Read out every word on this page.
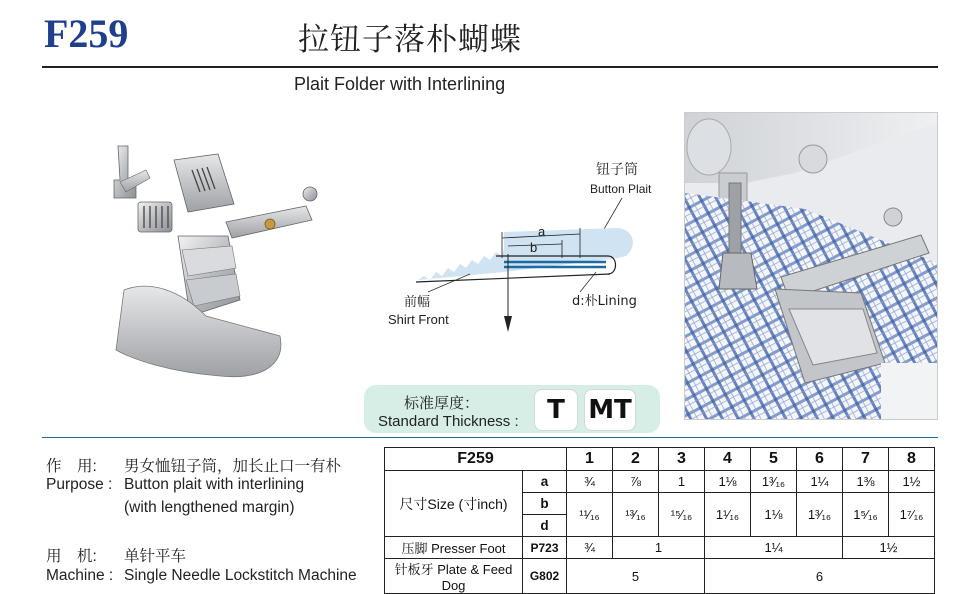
F259	拉钮子落朴蝴蝶
Plait Folder with Interlining
钮子筒
Button Plait
a
b
d:朴Lining
前幅
Shirt Front
标准厚度：
Standard Thickness :	T MT
作　用: 男女恤钮子筒，加长止口一有朴
Purpose : Button plait with interlining
(with lengthened margin)
用　机: 单针平车
Machine : Single Needle Lockstitch Machine
F259		1	2	3	4	5	6	7	8
尺寸Size (寸inch)	a	¾	⅞	1	1⅛	1³⁄₁₆	1¼	1⅜	1½
	b	¹¹⁄₁₆	¹³⁄₁₆	¹⁵⁄₁₆	1¹⁄₁₆	1⅛	1³⁄₁₆	1⁵⁄₁₆	1⁷⁄₁₆
	d								
压脚 Presser Foot	P723	¾	1		1¼			1½	
针板牙 Plate & Feed Dog	G802	5			6				
